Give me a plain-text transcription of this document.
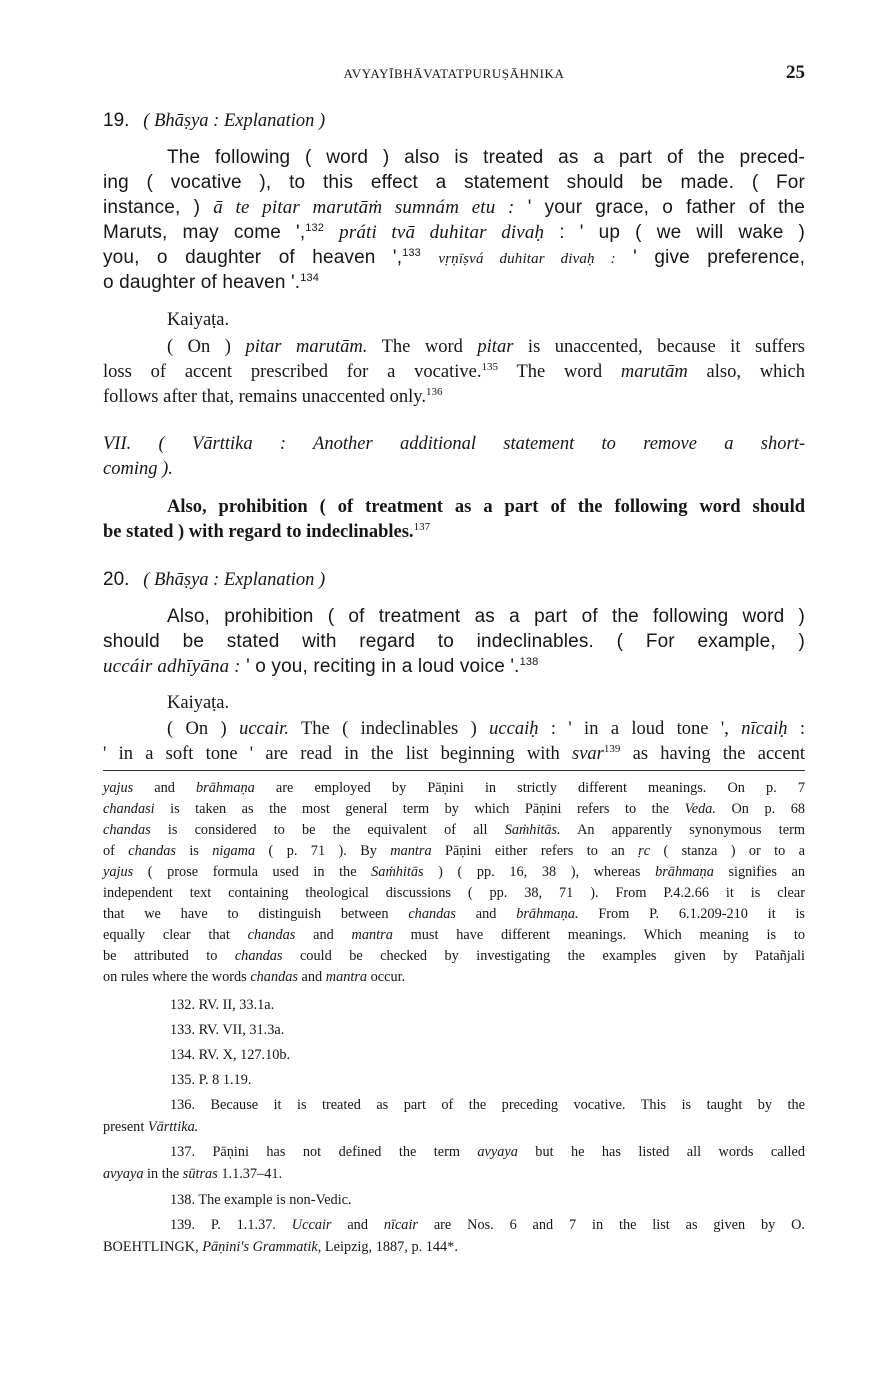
AVYAYĪBHĀVATATPURUṢĀHNIKA	25
19. ( Bhāṣya : Explanation )
The following ( word ) also is treated as a part of the preced-
ing ( vocative ), to this effect a statement should be made. ( For
instance, ) ā te pitar marutāṁ sumnám etu : ' your grace, o father of the
Maruts, may come ',$^{132}$ práti tvā duhitar divaḥ : ' up ( we will wake )
you, o daughter of heaven ',$^{133}$ vṛṇīṣvá duhitar divaḥ : ' give preference,
o daughter of heaven '.$^{134}$
Kaiyaṭa.
( On ) pitar marutām. The word pitar is unaccented, because it suffers
loss of accent prescribed for a vocative.$^{135}$ The word marutām also, which
follows after that, remains unaccented only.$^{136}$
VII. ( Vārttika : Another additional statement to remove a short-
coming ).
Also, prohibition ( of treatment as a part of the following word should
be stated ) with regard to indeclinables.$^{137}$
20. ( Bhāṣya : Explanation )
Also, prohibition ( of treatment as a part of the following word )
should be stated with regard to indeclinables. ( For example, )
uccáir adhīyāna : ' o you, reciting in a loud voice '.$^{138}$
Kaiyaṭa.
( On ) uccair. The ( indeclinables ) uccaiḥ : ' in a loud tone ', nīcaiḥ :
' in a soft tone ' are read in the list beginning with svar$^{139}$ as having the accent
yajus and brāhmaṇa are employed by Pāṇini in strictly different meanings. On p. 7
chandasi is taken as the most general term by which Pāṇini refers to the Veda. On p. 68
chandas is considered to be the equivalent of all Saṁhitās. An apparently synonymous term
of chandas is nigama ( p. 71 ). By mantra Pāṇini either refers to an ṛc ( stanza ) or to a
yajus ( prose formula used in the Saṁhitās ) ( pp. 16, 38 ), whereas brāhmaṇa signifies an
independent text containing theological discussions ( pp. 38, 71 ). From P.4.2.66 it is clear
that we have to distinguish between chandas and brāhmaṇa. From P. 6.1.209-210 it is
equally clear that chandas and mantra must have different meanings. Which meaning is to
be attributed to chandas could be checked by investigating the examples given by Patañjali
on rules where the words chandas and mantra occur.
132. RV. II, 33.1a.
133. RV. VII, 31.3a.
134. RV. X, 127.10b.
135. P. 8 1.19.
136. Because it is treated as part of the preceding vocative. This is taught by the
present Vārttika.
137. Pāṇini has not defined the term avyaya but he has listed all words called
avyaya in the sūtras 1.1.37–41.
138. The example is non-Vedic.
139. P. 1.1.37. Uccair and nīcair are Nos. 6 and 7 in the list as given by O.
BOEHTLINGK, Pāṇini's Grammatik, Leipzig, 1887, p. 144*.
